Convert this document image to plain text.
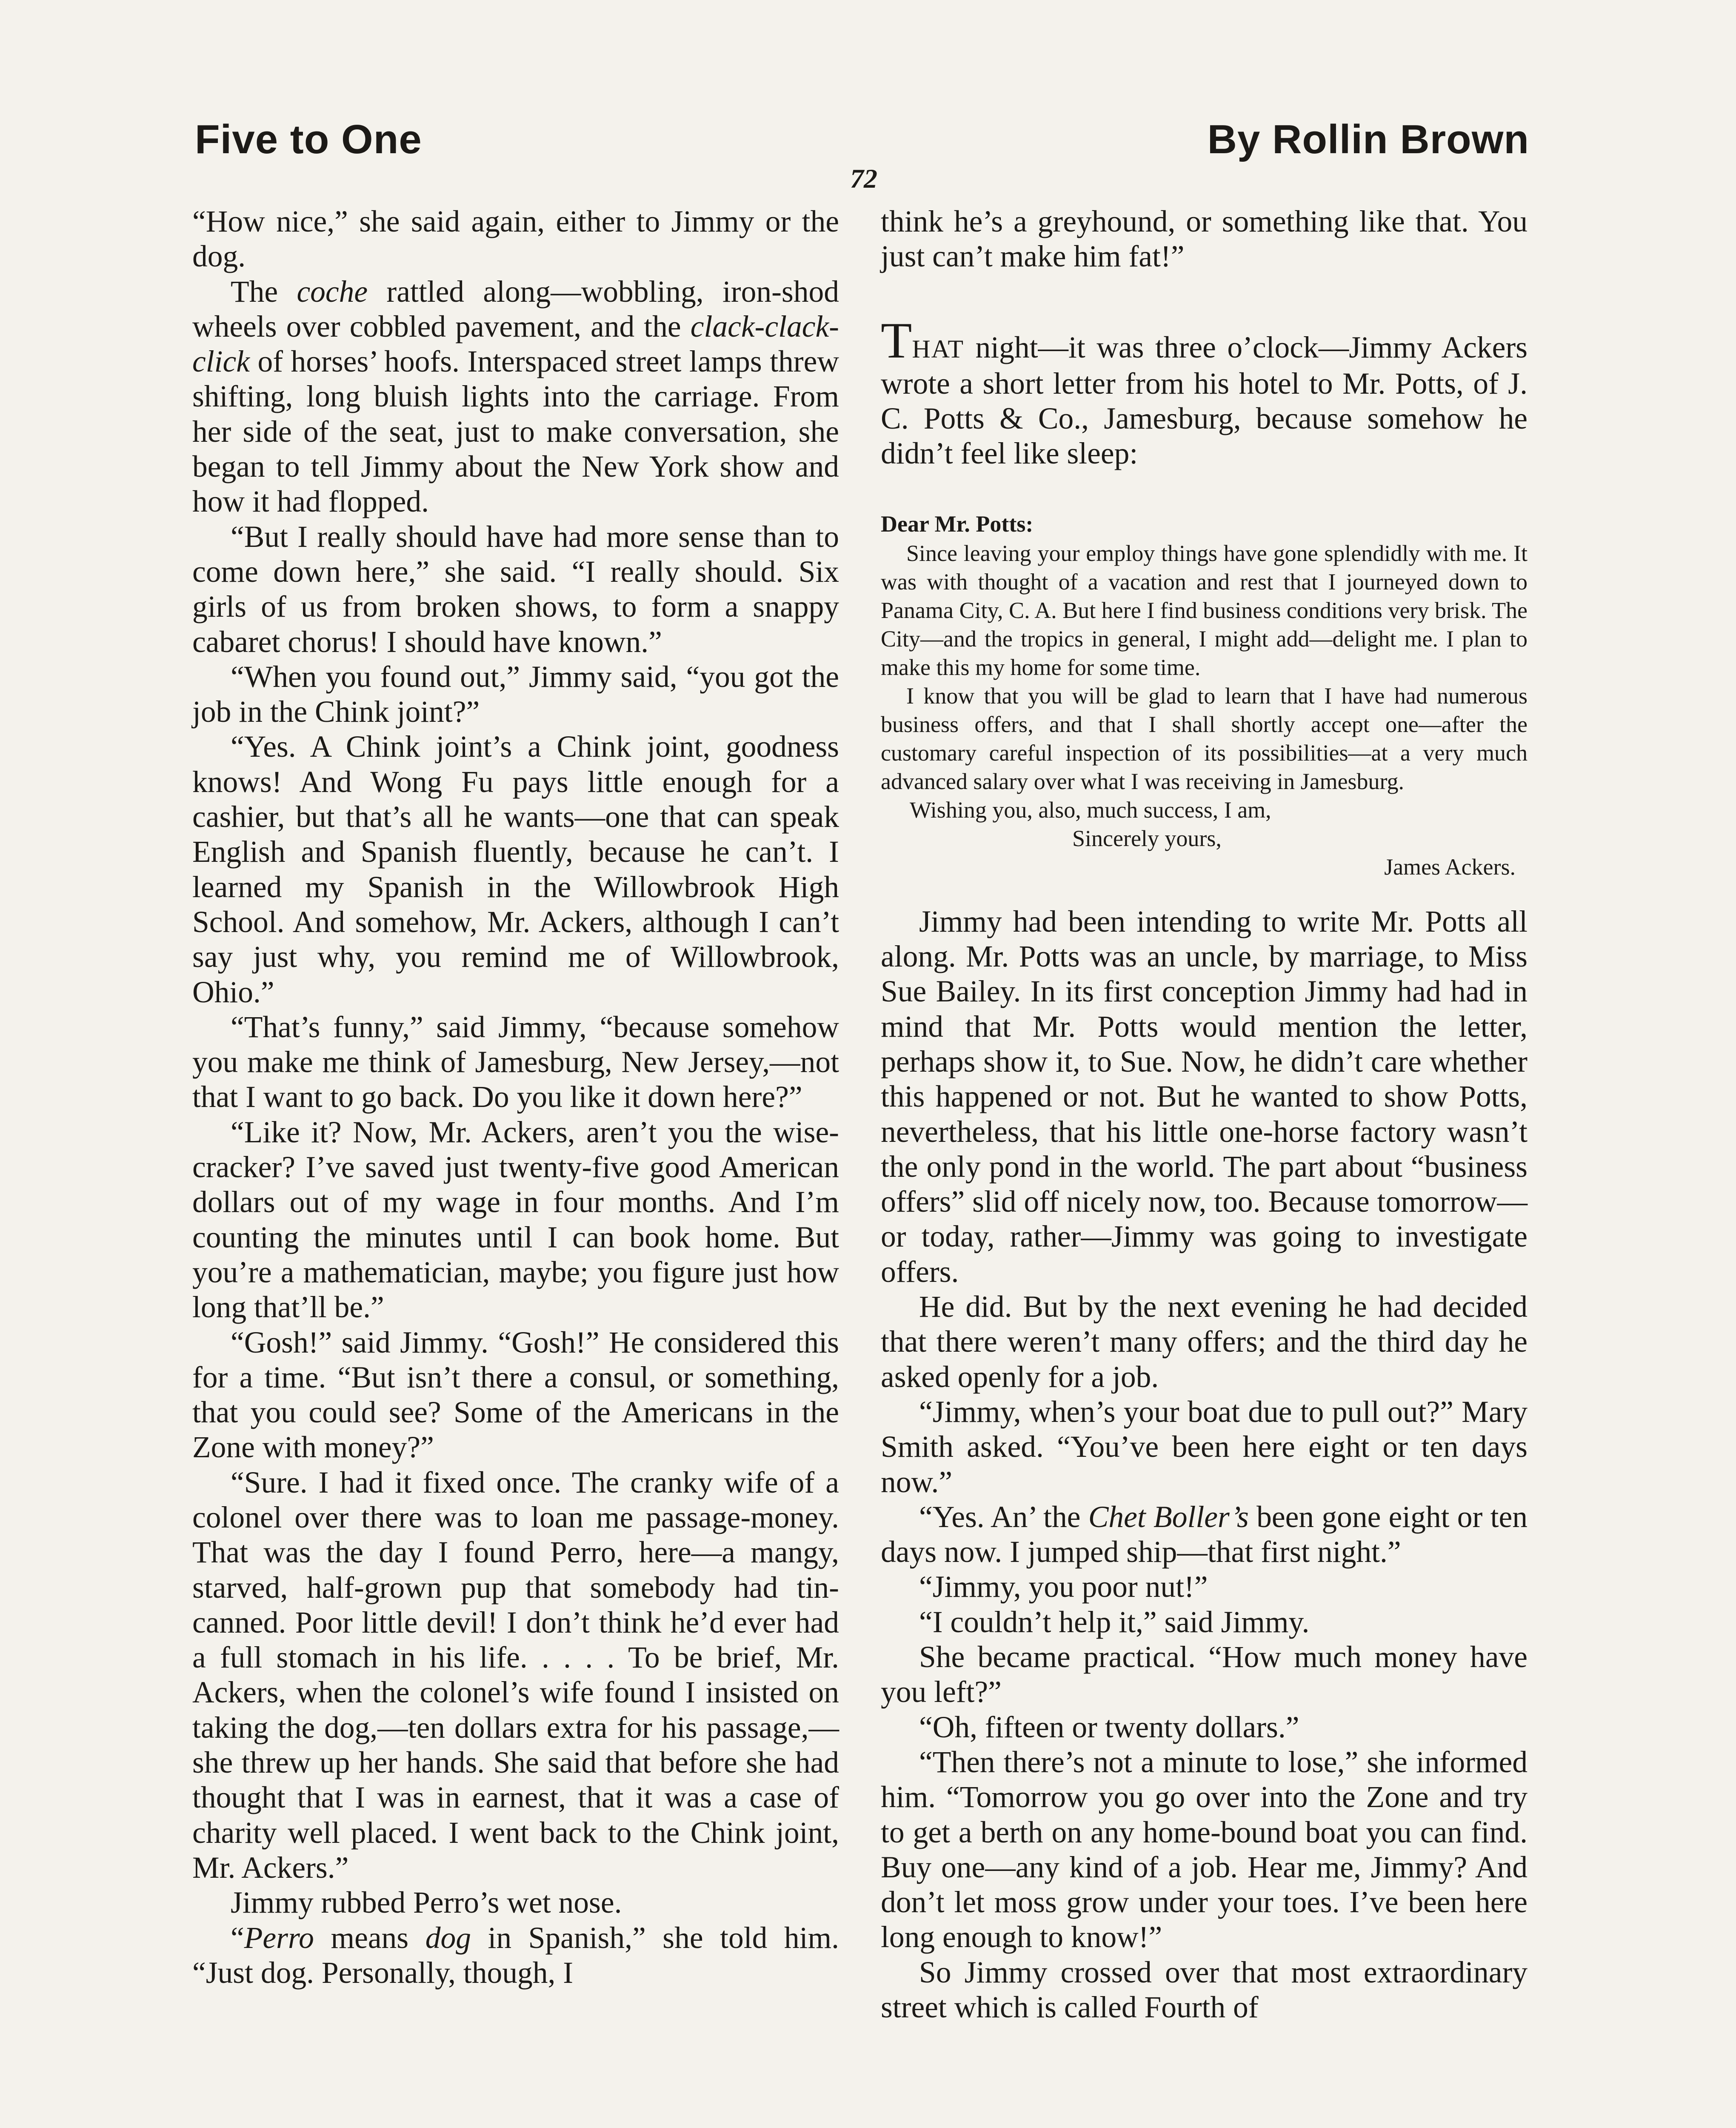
Five to One	By Rollin Brown
72

“How nice,” she said again, either to Jimmy or the dog.

The coche rattled along—wobbling, iron-shod wheels over cobbled pavement, and the clack-clack-click of horses’ hoofs. Interspaced street lamps threw shifting, long bluish lights into the carriage. From her side of the seat, just to make conversation, she began to tell Jimmy about the New York show and how it had flopped.

“But I really should have had more sense than to come down here,” she said. “I really should. Six girls of us from broken shows, to form a snappy cabaret chorus! I should have known.”

“When you found out,” Jimmy said, “you got the job in the Chink joint?”

“Yes. A Chink joint’s a Chink joint, goodness knows! And Wong Fu pays little enough for a cashier, but that’s all he wants—one that can speak English and Spanish fluently, because he can’t. I learned my Spanish in the Willowbrook High School. And somehow, Mr. Ackers, although I can’t say just why, you remind me of Willowbrook, Ohio.”

“That’s funny,” said Jimmy, “because somehow you make me think of Jamesburg, New Jersey,—not that I want to go back. Do you like it down here?”

“Like it? Now, Mr. Ackers, aren’t you the wise-cracker? I’ve saved just twenty-five good American dollars out of my wage in four months. And I’m counting the minutes until I can book home. But you’re a mathematician, maybe; you figure just how long that’ll be.”

“Gosh!” said Jimmy. “Gosh!” He considered this for a time. “But isn’t there a consul, or something, that you could see? Some of the Americans in the Zone with money?”

“Sure. I had it fixed once. The cranky wife of a colonel over there was to loan me passage-money. That was the day I found Perro, here—a mangy, starved, half-grown pup that somebody had tin-canned. Poor little devil! I don’t think he’d ever had a full stomach in his life. . . . . To be brief, Mr. Ackers, when the colonel’s wife found I insisted on taking the dog,—ten dollars extra for his passage,—she threw up her hands. She said that before she had thought that I was in earnest, that it was a case of charity well placed. I went back to the Chink joint, Mr. Ackers.”

Jimmy rubbed Perro’s wet nose.

“Perro means dog in Spanish,” she told him. “Just dog. Personally, though, I

think he’s a greyhound, or something like that. You just can’t make him fat!”

THAT night—it was three o’clock—Jimmy Ackers wrote a short letter from his hotel to Mr. Potts, of J. C. Potts & Co., Jamesburg, because somehow he didn’t feel like sleep:

Dear Mr. Potts:

Since leaving your employ things have gone splendidly with me. It was with thought of a vacation and rest that I journeyed down to Panama City, C. A. But here I find business conditions very brisk. The City—and the tropics in general, I might add—delight me. I plan to make this my home for some time.

I know that you will be glad to learn that I have had numerous business offers, and that I shall shortly accept one—after the customary careful inspection of its possibilities—at a very much advanced salary over what I was receiving in Jamesburg.

Wishing you, also, much success, I am,

Sincerely yours,

James Ackers.

Jimmy had been intending to write Mr. Potts all along. Mr. Potts was an uncle, by marriage, to Miss Sue Bailey. In its first conception Jimmy had had in mind that Mr. Potts would mention the letter, perhaps show it, to Sue. Now, he didn’t care whether this happened or not. But he wanted to show Potts, nevertheless, that his little one-horse factory wasn’t the only pond in the world. The part about “business offers” slid off nicely now, too. Because tomorrow—or today, rather—Jimmy was going to investigate offers.

He did. But by the next evening he had decided that there weren’t many offers; and the third day he asked openly for a job.

“Jimmy, when’s your boat due to pull out?” Mary Smith asked. “You’ve been here eight or ten days now.”

“Yes. An’ the Chet Boller’s been gone eight or ten days now. I jumped ship—that first night.”

“Jimmy, you poor nut!”

“I couldn’t help it,” said Jimmy.

She became practical. “How much money have you left?”

“Oh, fifteen or twenty dollars.”

“Then there’s not a minute to lose,” she informed him. “Tomorrow you go over into the Zone and try to get a berth on any home-bound boat you can find. Buy one—any kind of a job. Hear me, Jimmy? And don’t let moss grow under your toes. I’ve been here long enough to know!”

So Jimmy crossed over that most extraordinary street which is called Fourth of
